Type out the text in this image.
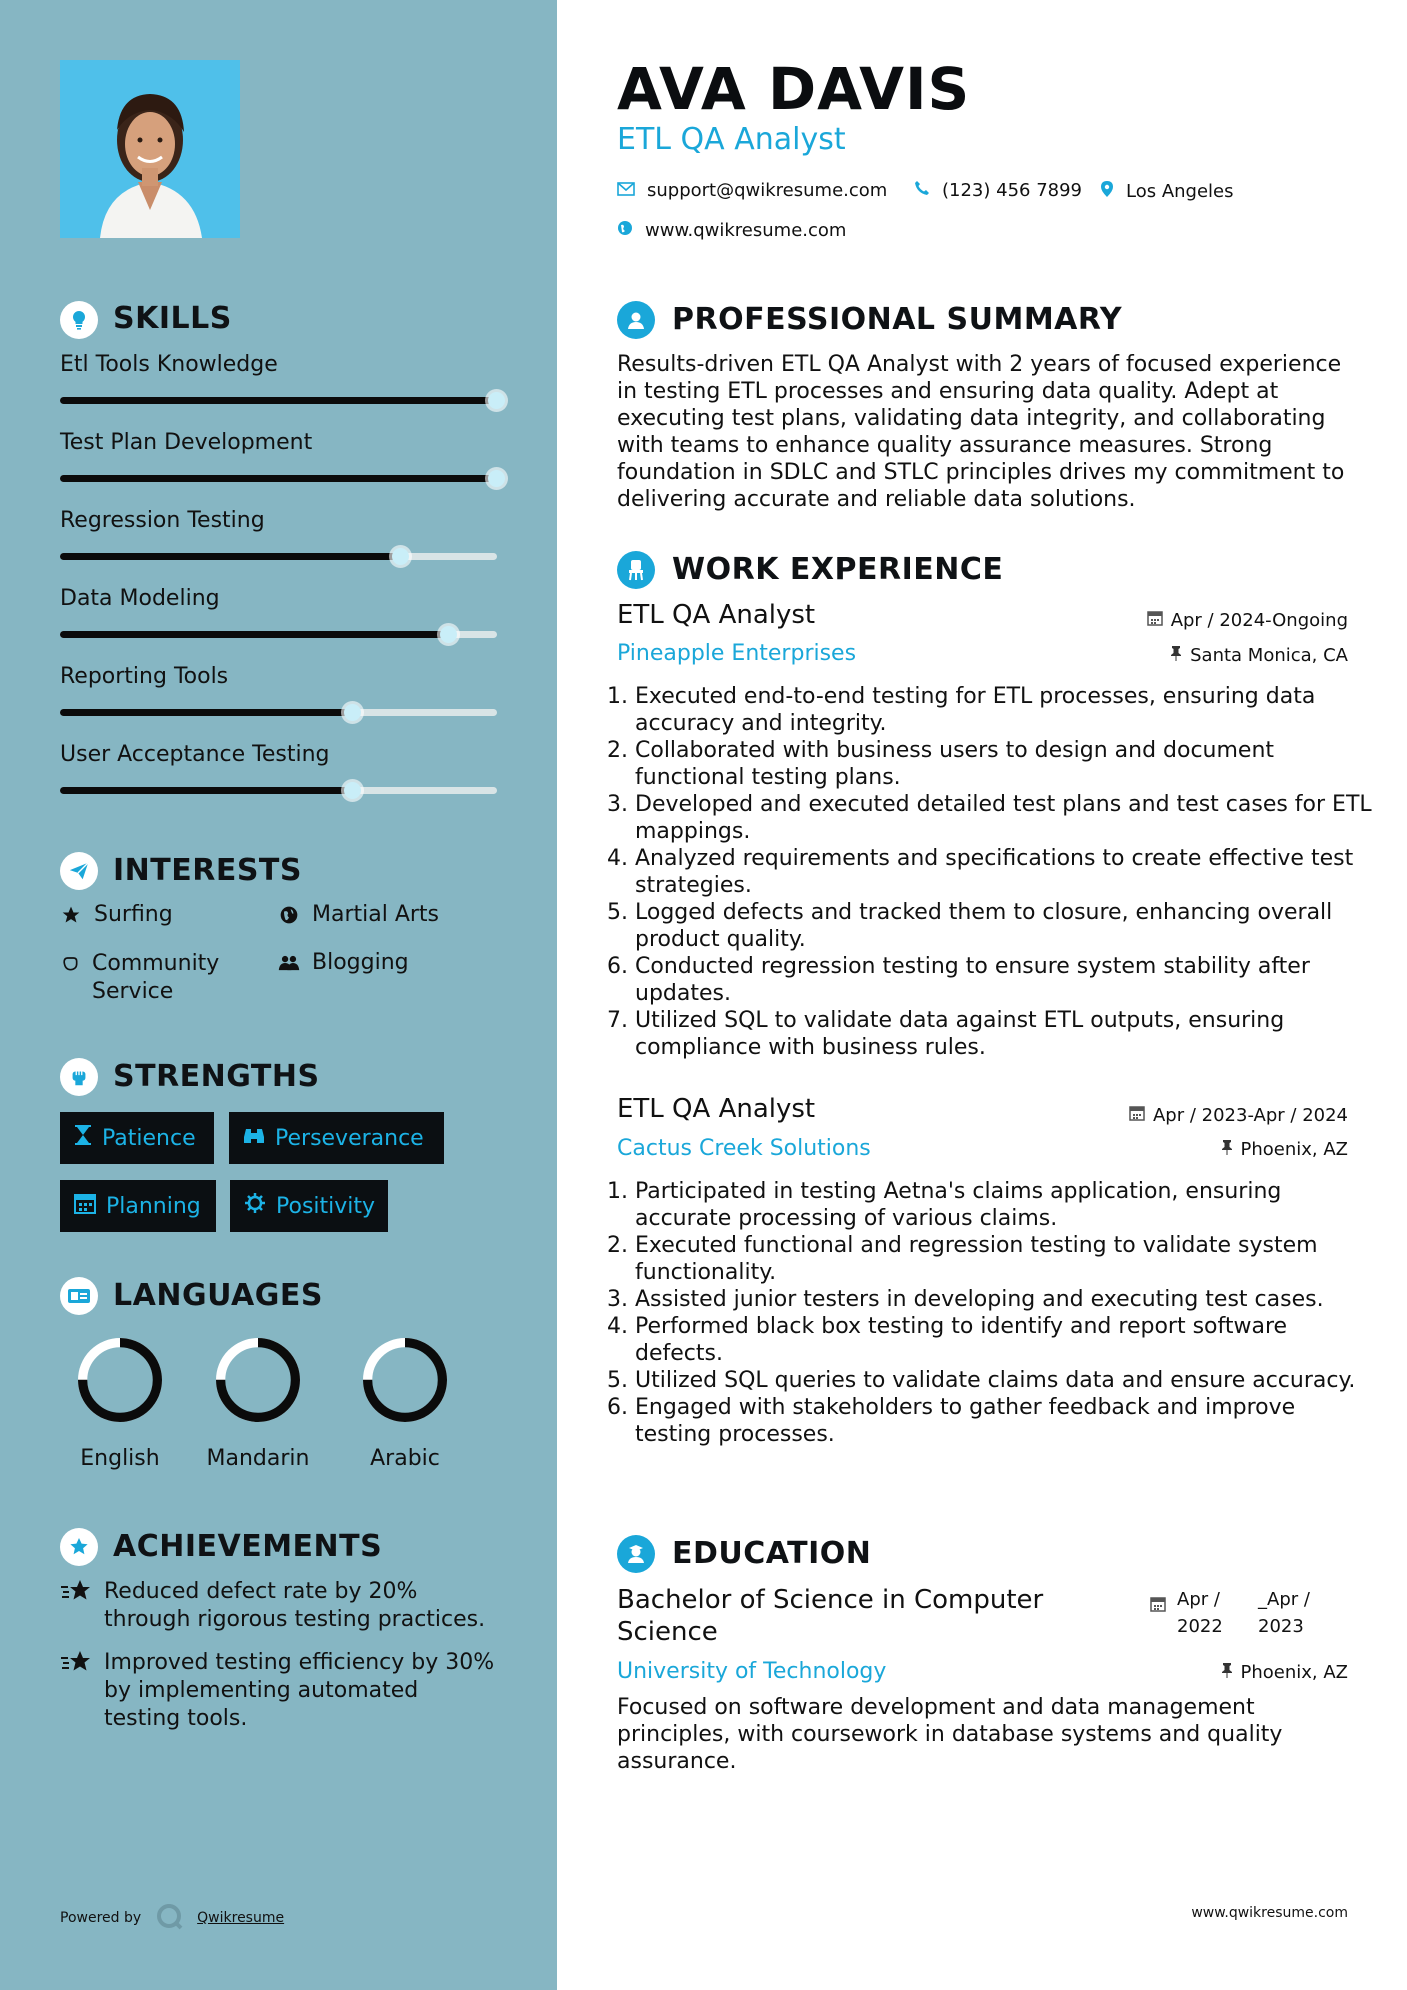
SKILLS
Etl Tools Knowledge
Test Plan Development
Regression Testing
Data Modeling
Reporting Tools
User Acceptance Testing
INTERESTS
Surfing	Martial Arts
Community Service
Blogging
STRENGTHS
Patience	Perseverance
Planning	Positivity
LANGUAGES
English	Mandarin	Arabic
ACHIEVEMENTS
Reduced defect rate by 20% through rigorous testing practices.
Improved testing efficiency by 30% by implementing automated testing tools.
Powered by	Qwikresume
AVA DAVIS
ETL QA Analyst
support@qwikresume.com	(123) 456 7899 Los Angeles
www.qwikresume.com
PROFESSIONAL SUMMARY
Results-driven ETL QA Analyst with 2 years of focused experience in testing ETL processes and ensuring data quality. Adept at executing test plans, validating data integrity, and collaborating with teams to enhance quality assurance measures. Strong foundation in SDLC and STLC principles drives my commitment to delivering accurate and reliable data solutions.
WORK EXPERIENCE
ETL QA Analyst	Apr / 2024-Ongoing
Pineapple Enterprises	Santa Monica, CA
1. Executed end-to-end testing for ETL processes, ensuring data accuracy and integrity.
2. Collaborated with business users to design and document functional testing plans.
3. Developed and executed detailed test plans and test cases for ETL mappings.
4. Analyzed requirements and specifications to create effective test strategies.
5. Logged defects and tracked them to closure, enhancing overall product quality.
6. Conducted regression testing to ensure system stability after updates.
7. Utilized SQL to validate data against ETL outputs, ensuring compliance with business rules.
ETL QA Analyst	Apr / 2023-Apr / 2024
Cactus Creek Solutions	Phoenix, AZ
1. Participated in testing Aetna's claims application, ensuring accurate processing of various claims.
2. Executed functional and regression testing to validate system functionality.
3. Assisted junior testers in developing and executing test cases.
4. Performed black box testing to identify and report software defects.
5. Utilized SQL queries to validate claims data and ensure accuracy.
6. Engaged with stakeholders to gather feedback and improve testing processes.
EDUCATION
Bachelor of Science in Computer Science
Apr / 2022
_Apr / 2023
University of Technology	Phoenix, AZ
Focused on software development and data management principles, with coursework in database systems and quality assurance.
www.qwikresume.com
